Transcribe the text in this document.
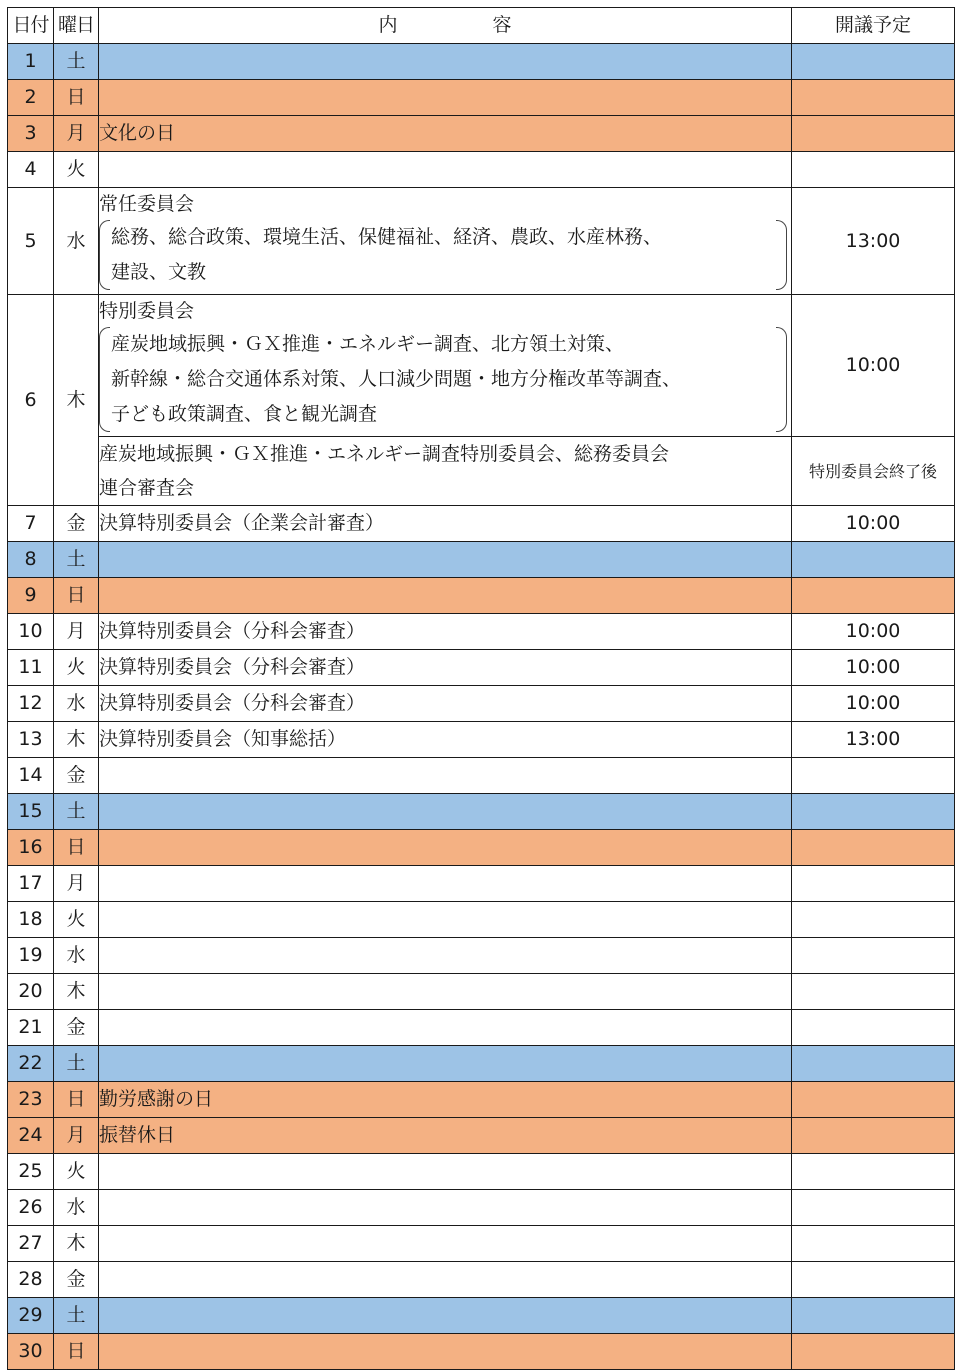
日付	曜日	内　　　　　容	開議予定
1	土		
2	日		
3	月	文化の日	
4	火		
5	水	常任委員会
総務、総合政策、環境生活、保健福祉、経済、農政、水産林務、
建設、文教	13:00
6	木	特別委員会
産炭地域振興・ＧＸ推進・エネルギー調査、北方領土対策、
新幹線・総合交通体系対策、人口減少問題・地方分権改革等調査、
子ども政策調査、食と観光調査	10:00

		産炭地域振興・ＧＸ推進・エネルギー調査特別委員会、総務委員会
連合審査会	特別委員会終了後
7	金	決算特別委員会（企業会計審査）	10:00
8	土		
9	日		
10	月	決算特別委員会（分科会審査）	10:00
11	火	決算特別委員会（分科会審査）	10:00
12	水	決算特別委員会（分科会審査）	10:00
13	木	決算特別委員会（知事総括）	13:00
14	金		
15	土		
16	日		
17	月		
18	火		
19	水		
20	木		
21	金		
22	土		
23	日	勤労感謝の日	
24	月	振替休日	
25	火		
26	水		
27	木		
28	金		
29	土		
30	日		
